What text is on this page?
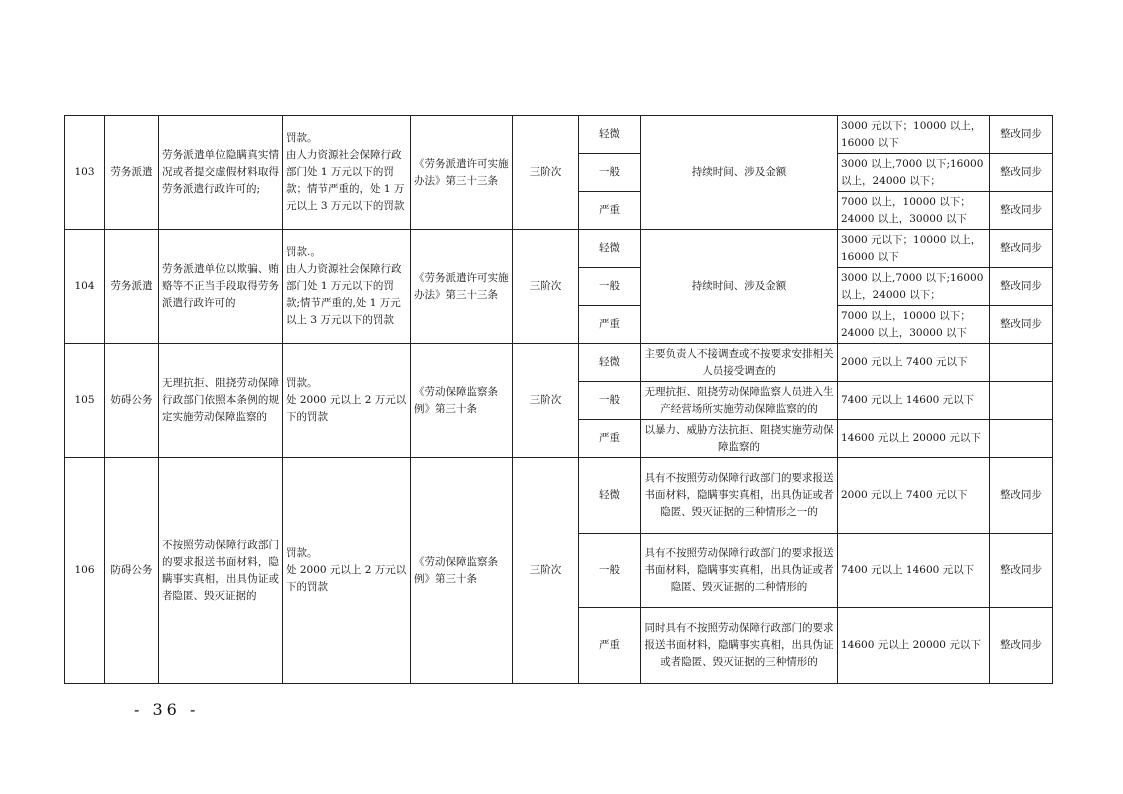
103	劳务派遣	劳务派遣单位隐瞒真实情况或者提交虚假材料取得劳务派遣行政许可的;	罚款。
由人力资源社会保障行政部门处 1 万元以下的罚款；情节严重的，处 1 万元以上 3 万元以下的罚款	《劳务派遣许可实施办法》第三十三条	三阶次	轻微	持续时间、涉及金额	3000 元以下；10000 以上，16000 以下	整改同步
						一般		3000 以上,7000 以下;16000 以上，24000 以下；	整改同步
						严重		7000 以上，10000 以下；24000 以上，30000 以下	整改同步
104	劳务派遣	劳务派遣单位以欺骗、贿赂等不正当手段取得劳务派遣行政许可的	罚款.。
由人力资源社会保障行政部门处 1 万元以下的罚款;情节严重的,处 1 万元以上 3 万元以下的罚款	《劳务派遣许可实施办法》第三十三条	三阶次	轻微	持续时间、涉及金额	3000 元以下；10000 以上，16000 以下	整改同步
						一般		3000 以上,7000 以下;16000 以上，24000 以下；	整改同步
						严重		7000 以上，10000 以下；24000 以上，30000 以下	整改同步
105	妨碍公务	无理抗拒、阻挠劳动保障行政部门依照本条例的规定实施劳动保障监察的	罚款。
处 2000 元以上 2 万元以下的罚款	《劳动保障监察条例》第三十条	三阶次	轻微	主要负责人不接调查或不按要求安排相关人员接受调查的	2000 元以上 7400 元以下	
						一般	无理抗拒、阻挠劳动保障监察人员进入生产经营场所实施劳动保障监察的的	7400 元以上 14600 元以下	
						严重	以暴力、威胁方法抗拒、阻挠实施劳动保障监察的	14600 元以上 20000 元以下	
106	防碍公务	不按照劳动保障行政部门的要求报送书面材料，隐瞒事实真相，出具伪证或者隐匿、毁灭证据的	罚款。
处 2000 元以上 2 万元以下的罚款	《劳动保障监察条例》第三十条	三阶次	轻微	具有不按照劳动保障行政部门的要求报送书面材料，隐瞒事实真相，出具伪证或者隐匿、毁灭证据的三种情形之一的	2000 元以上 7400 元以下	整改同步
						一般	具有不按照劳动保障行政部门的要求报送书面材料，隐瞒事实真相，出具伪证或者隐匿、毁灭证据的二种情形的	7400 元以上 14600 元以下	整改同步
						严重	同时具有不按照劳动保障行政部门的要求报送书面材料，隐瞒事实真相，出具伪证或者隐匿、毁灭证据的三种情形的	14600 元以上 20000 元以下	整改同步
- 36 -
